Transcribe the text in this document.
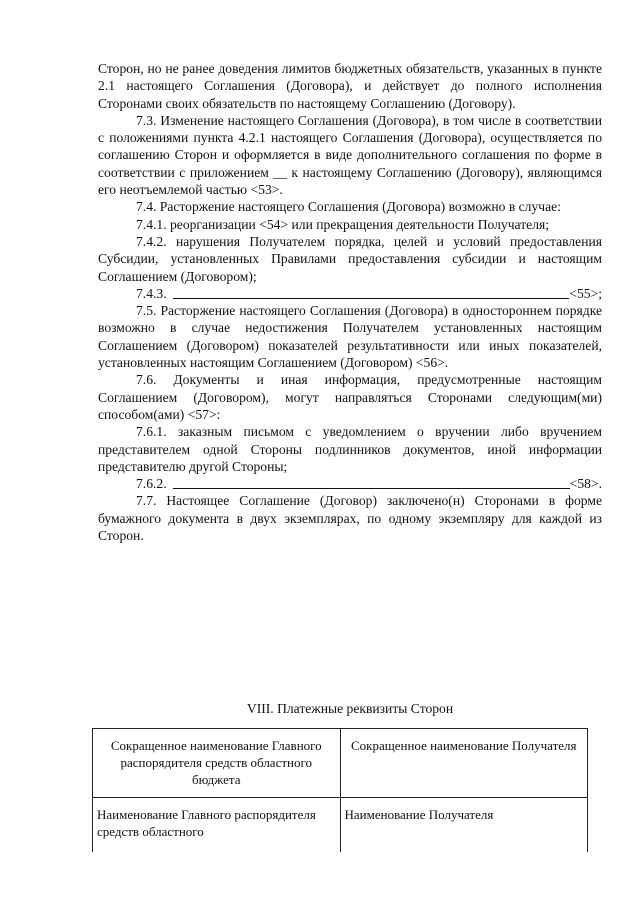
Сторон, но не ранее доведения лимитов бюджетных обязательств, указанных в пункте 2.1 настоящего Соглашения (Договора), и действует до полного исполнения Сторонами своих обязательств по настоящему Соглашению (Договору).

7.3. Изменение настоящего Соглашения (Договора), в том числе в соответствии с положениями пункта 4.2.1 настоящего Соглашения (Договора), осуществляется по соглашению Сторон и оформляется в виде дополнительного соглашения по форме в соответствии с приложением __ к настоящему Соглашению (Договору), являющимся его неотъемлемой частью <53>.

7.4. Расторжение настоящего Соглашения (Договора) возможно в случае:

7.4.1. реорганизации <54> или прекращения деятельности Получателя;

7.4.2. нарушения Получателем порядка, целей и условий предоставления Субсидии, установленных Правилами предоставления субсидии и настоящим Соглашением (Договором);

7.4.3.	<55>;

7.5. Расторжение настоящего Соглашения (Договора) в одностороннем порядке возможно в случае недостижения Получателем установленных настоящим Соглашением (Договором) показателей результативности или иных показателей, установленных настоящим Соглашением (Договором) <56>.

7.6. Документы и иная информация, предусмотренные настоящим Соглашением (Договором), могут направляться Сторонами следующим(ми) способом(ами) <57>:

7.6.1. заказным письмом с уведомлением о вручении либо вручением представителем одной Стороны подлинников документов, иной информации представителю другой Стороны;

7.6.2.	<58>.

7.7. Настоящее Соглашение (Договор) заключено(н) Сторонами в форме бумажного документа в двух экземплярах, по одному экземпляру для каждой из Сторон.

VIII. Платежные реквизиты Сторон

Сокращенное наименование Главного распорядителя средств областного бюджета	Сокращенное наименование Получателя
Наименование Главного распорядителя средств областного	Наименование Получателя
